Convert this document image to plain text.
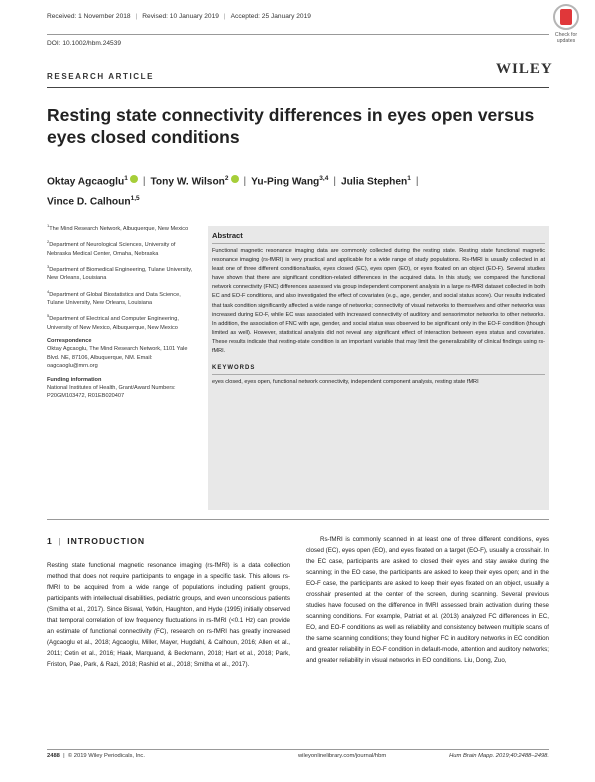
Received: 1 November 2018 | Revised: 10 January 2019 | Accepted: 25 January 2019
DOI: 10.1002/hbm.24539
Check for
updates
RESEARCH ARTICLE	WILEY
Resting state connectivity differences in eyes open versus eyes closed conditions
Oktay Agcaoglu$^1$ | Tony W. Wilson$^2$ | Yu-Ping Wang$^{3,4}$ | Julia Stephen$^1$ |
Vince D. Calhoun$^{1,5}$
$^1$The Mind Research Network, Albuquerque, New Mexico
$^2$Department of Neurological Sciences, University of Nebraska Medical Center, Omaha, Nebraska
$^3$Department of Biomedical Engineering, Tulane University, New Orleans, Louisiana
$^4$Department of Global Biostatistics and Data Science, Tulane University, New Orleans, Louisiana
$^5$Department of Electrical and Computer Engineering, University of New Mexico, Albuquerque, New Mexico
Correspondence
Oktay Agcaoglu, The Mind Research Network, 1101 Yale Blvd. NE, 87106, Albuquerque, NM. Email: oagcaoglu@mrn.org
Funding information
National Institutes of Health, Grant/Award Numbers: P20GM103472, R01EB020407
Abstract

Functional magnetic resonance imaging data are commonly collected during the resting state. Resting state functional magnetic resonance imaging (rs-fMRI) is very practical and applicable for a wide range of study populations. Rs-fMRI is usually collected in at least one of three different conditions/tasks, eyes closed (EC), eyes open (EO), or eyes fixated on an object (EO-F). Several studies have shown that there are significant condition-related differences in the acquired data. In this study, we compared the functional network connectivity (FNC) differences assessed via group independent component analysis in a large rs-fMRI dataset collected in both EC and EO-F conditions, and also investigated the effect of covariates (e.g., age, gender, and social status score). Our results indicated that task condition significantly affected a wide range of networks; connectivity of visual networks to themselves and other networks was increased during EO-F, while EC was associated with increased connectivity of auditory and sensorimotor networks to other networks. In addition, the association of FNC with age, gender, and social status was observed to be significant only in the EO-F condition (though limited as well). However, statistical analysis did not reveal any significant effect of interaction between eyes status and covariates. These results indicate that resting-state condition is an important variable that may limit the generalizability of clinical findings using rs-fMRI.

KEYWORDS

eyes closed, eyes open, functional network connectivity, independent component analysis, resting state fMRI

1 | INTRODUCTION

Resting state functional magnetic resonance imaging (rs-fMRI) is a data collection method that does not require participants to engage in a specific task. This allows rs-fMRI to be acquired from a wide range of populations including patient groups, participants with intellectual disabilities, pediatric groups, and even unconscious patients (Smitha et al., 2017). Since Biswal, Yetkin, Haughton, and Hyde (1995) initially observed that temporal correlation of low frequency fluctuations in rs-fMRI (<0.1 Hz) can provide an estimate of functional connectivity (FC), research on rs-fMRI has greatly increased (Agcaoglu et al., 2018; Agcaoglu, Miller, Mayer, Hugdahl, & Calhoun, 2016; Allen et al., 2011; Cetin et al., 2016; Haak, Marquand, & Beckmann, 2018; Hart et al., 2018; Park, Friston, Pae, Park, & Razi, 2018; Rashid et al., 2018; Smitha et al., 2017).

Rs-fMRI is commonly scanned in at least one of three different conditions, eyes closed (EC), eyes open (EO), and eyes fixated on a target (EO-F), usually a crosshair. In the EC case, participants are asked to closed their eyes and stay awake during the scanning; in the EO case, the participants are asked to keep their eyes open; and in the EO-F case, the participants are asked to keep their eyes fixated on an object, usually a crosshair presented at the center of the screen, during scanning. Several previous studies have focused on the difference in fMRI assessed brain activation during these scanning conditions. For example, Patriat et al. (2013) analyzed FC differences in EC, EO, and EO-F conditions as well as reliability and consistency between multiple scans of the same scanning conditions; they found higher FC in auditory networks in EC condition and greater reliability in EO-F condition in default-mode, attention and auditory networks; and greater reliability in visual networks in EO conditions. Liu, Dong, Zuo,

2488  |  © 2019 Wiley Periodicals, Inc.	wileyonlinelibrary.com/journal/hbm	Hum Brain Mapp. 2019;40:2488–2498.
